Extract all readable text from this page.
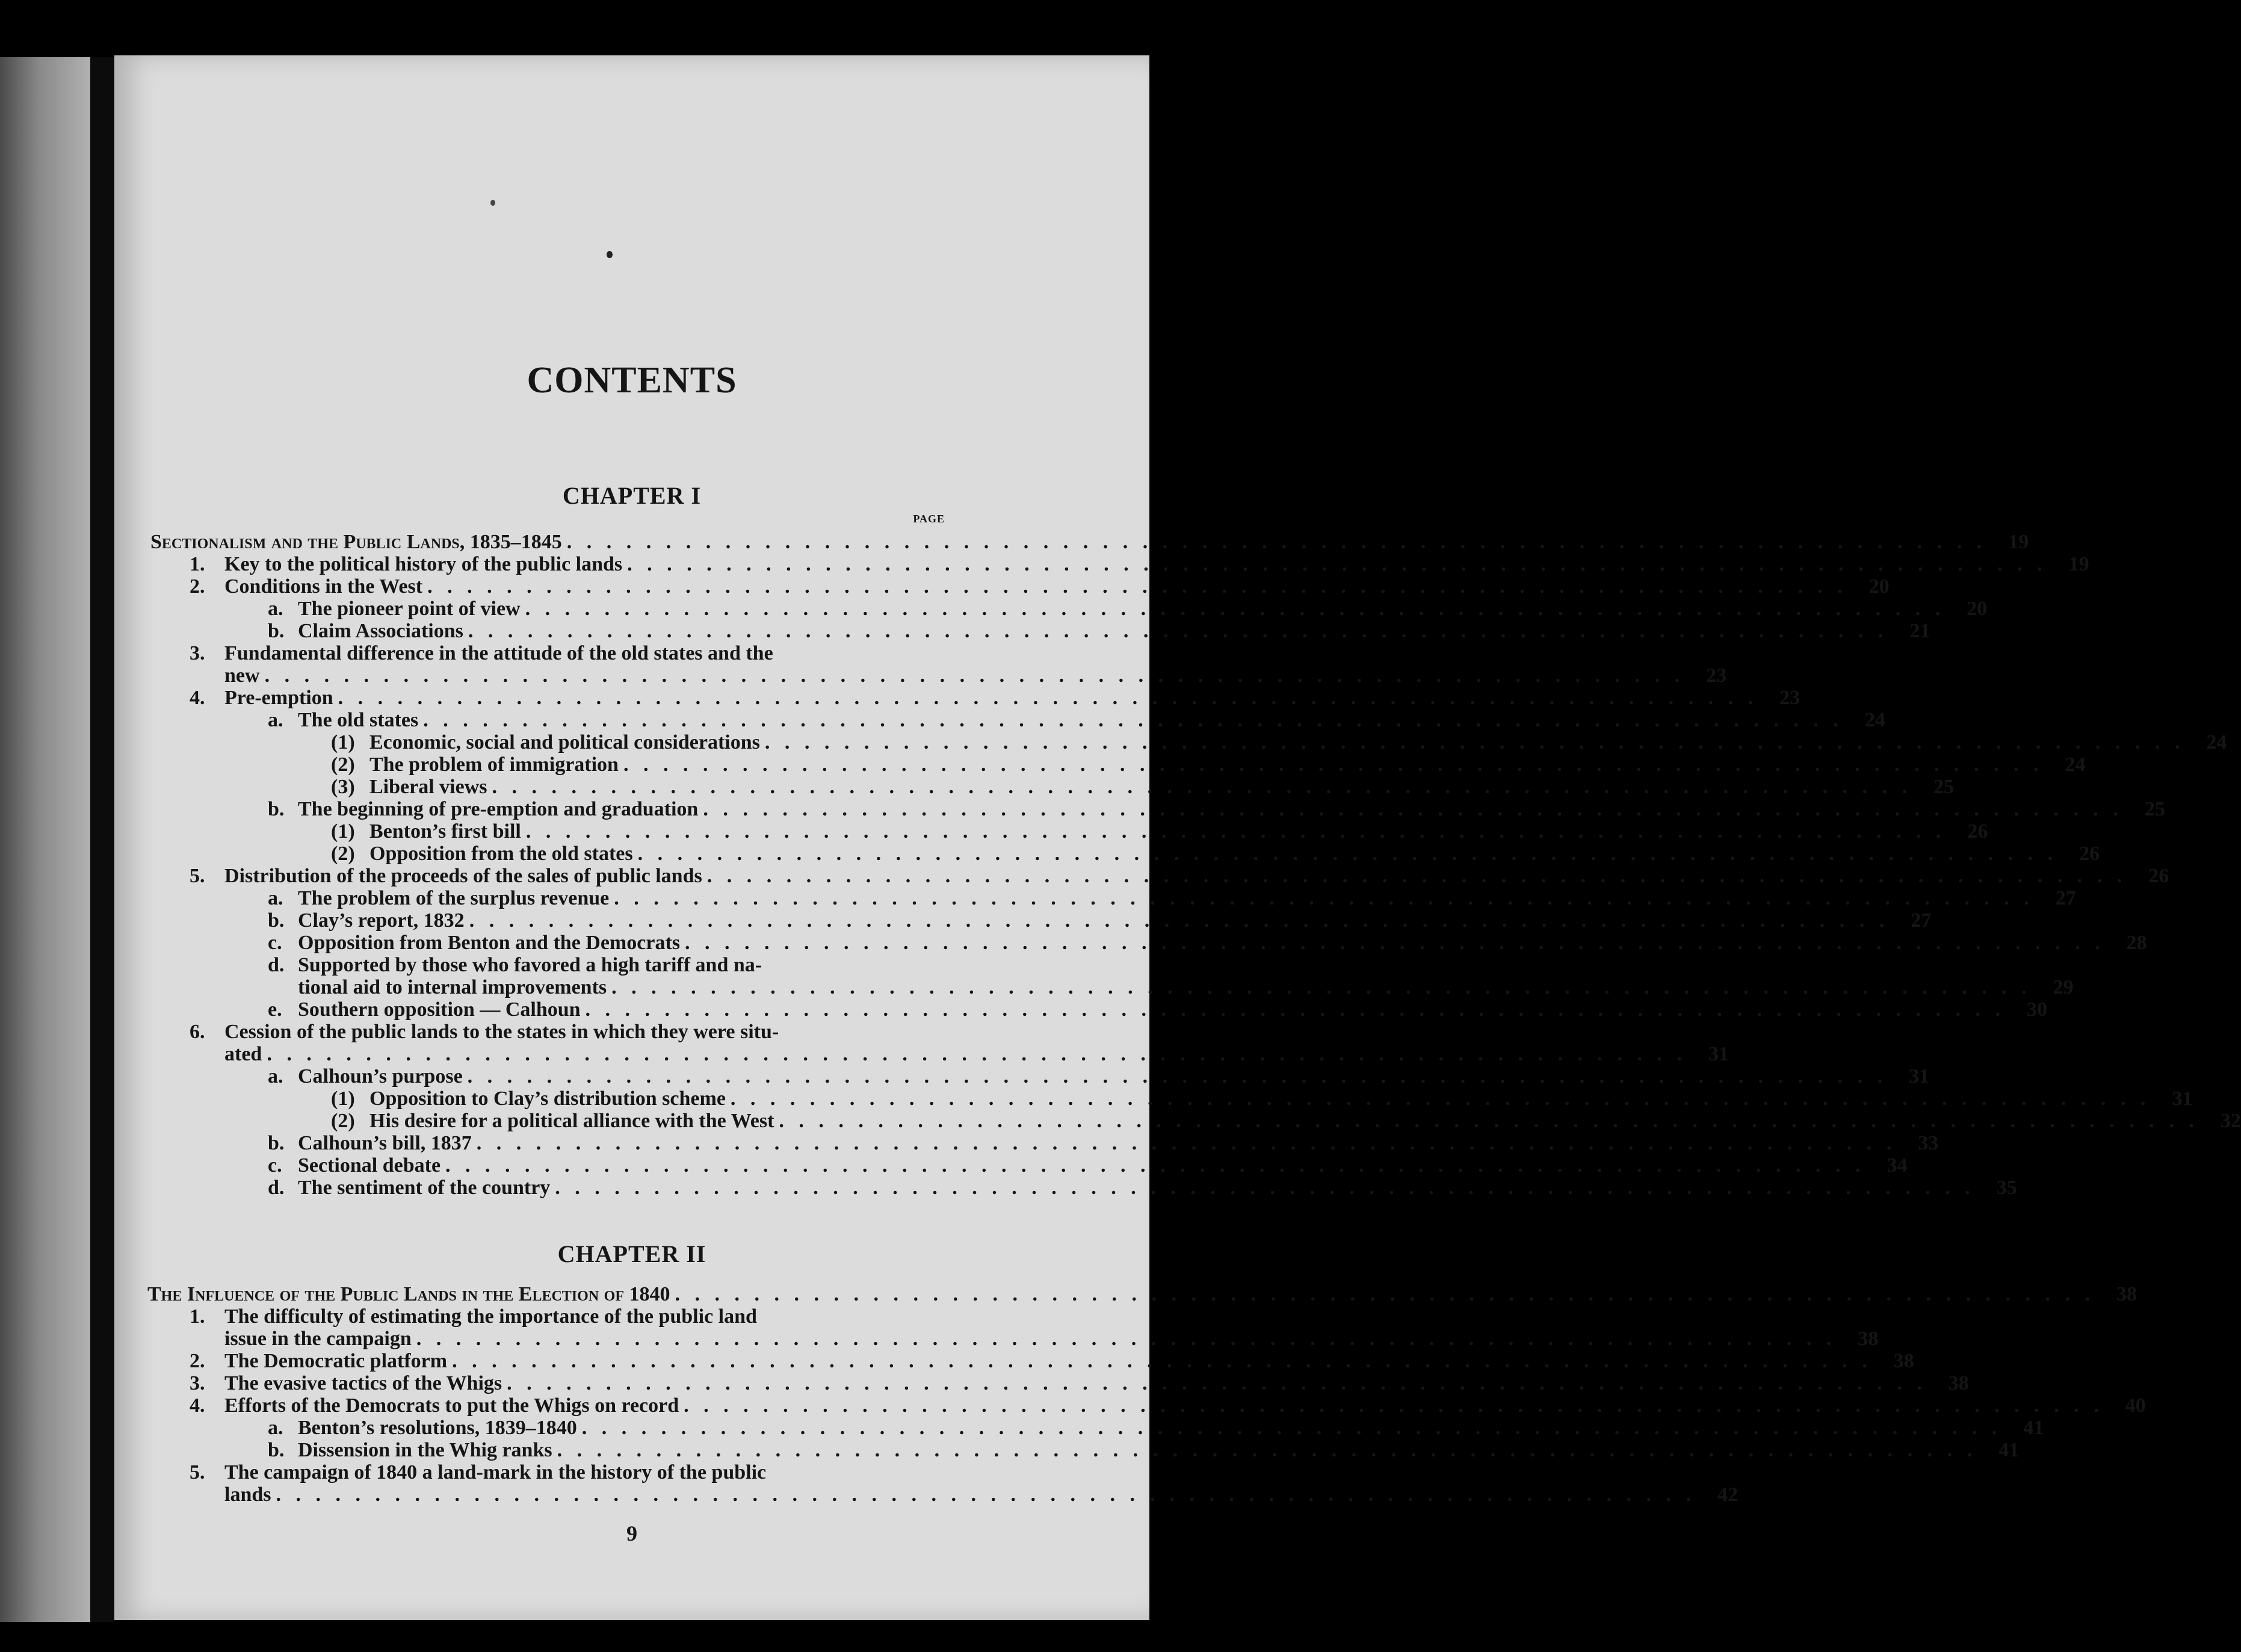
CONTENTS
CHAPTER I
PAGE
Sectionalism and the Public Lands, 1835–1845 . . .	19
1. Key to the political history of the public lands . . .	19
2. Conditions in the West . . .	20
a. The pioneer point of view . . .	20
b. Claim Associations . . .	21
3. Fundamental difference in the attitude of the old states and the
new . . .	23
4. Pre-emption . . .	23
a. The old states . . .	24
(1) Economic, social and political considerations . . .	24
(2) The problem of immigration . . .	24
(3) Liberal views . . .	25
b. The beginning of pre-emption and graduation . . .	25
(1) Benton’s first bill . . .	26
(2) Opposition from the old states . . .	26
5. Distribution of the proceeds of the sales of public lands . . .	26
a. The problem of the surplus revenue . . .	27
b. Clay’s report, 1832 . . .	27
c. Opposition from Benton and the Democrats . . .	28
d. Supported by those who favored a high tariff and na-
tional aid to internal improvements . . .	29
e. Southern opposition — Calhoun . . .	30
6. Cession of the public lands to the states in which they were situ-
ated . . .	31
a. Calhoun’s purpose . . .	31
(1) Opposition to Clay’s distribution scheme . . .	31
(2) His desire for a political alliance with the West . . .	32
b. Calhoun’s bill, 1837 . . .	33
c. Sectional debate . . .	34
d. The sentiment of the country . . .	35
CHAPTER II
The Influence of the Public Lands in the Election of 1840 . . .	38
1. The difficulty of estimating the importance of the public land
issue in the campaign . . .	38
2. The Democratic platform . . .	38
3. The evasive tactics of the Whigs . . .	38
4. Efforts of the Democrats to put the Whigs on record . . .	40
a. Benton’s resolutions, 1839–1840 . . .	41
b. Dissension in the Whig ranks . . .	41
5. The campaign of 1840 a land-mark in the history of the public
lands . . .	42
9
